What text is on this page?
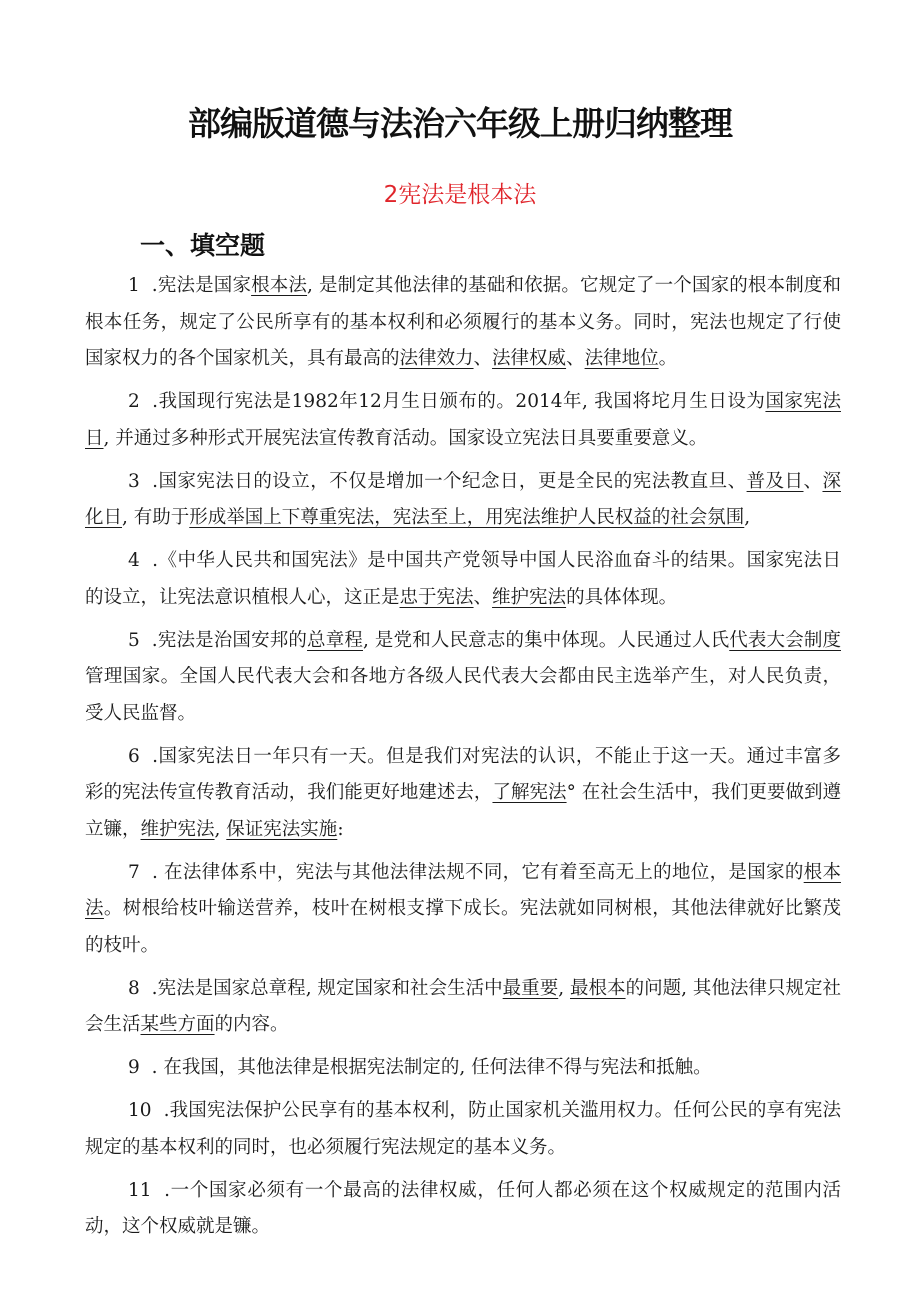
部编版道德与法治六年级上册归纳整理
2宪法是根本法
一、填空题

1 .宪法是国家根本法, 是制定其他法律的基础和依据。它规定了一个国家的根本制度和根本任务，规定了公民所享有的基本权利和必须履行的基本义务。同时，宪法也规定了行使国家权力的各个国家机关，具有最高的法律效力、法律权威、法律地位。

2 .我国现行宪法是1982年12月生日颁布的。2014年, 我国将坨月生日设为国家宪法日, 并通过多种形式开展宪法宣传教育活动。国家设立宪法日具要重要意义。

3 .国家宪法日的设立，不仅是增加一个纪念日，更是全民的宪法教直旦、普及日、深化日, 有助于形成举国上下尊重宪法，宪法至上，用宪法维护人民权益的社会氛围,

4 .《中华人民共和国宪法》是中国共产党领导中国人民浴血奋斗的结果。国家宪法日的设立，让宪法意识植根人心，这正是忠于宪法、维护宪法的具体体现。

5 .宪法是治国安邦的总章程, 是党和人民意志的集中体现。人民通过人氏代表大会制度管理国家。全国人民代表大会和各地方各级人民代表大会都由民主选举产生，对人民负责，受人民监督。

6 .国家宪法日一年只有一天。但是我们对宪法的认识，不能止于这一天。通过丰富多彩的宪法传宣传教育活动，我们能更好地建述去，了解宪法° 在社会生活中，我们更要做到遵立镰，维护宪法, 保证宪法实施:

7 . 在法律体系中，宪法与其他法律法规不同，它有着至高无上的地位，是国家的根本法。树根给枝叶输送营养，枝叶在树根支撑下成长。宪法就如同树根，其他法律就好比繁茂的枝叶。

8 .宪法是国家总章程, 规定国家和社会生活中最重要, 最根本的问题, 其他法律只规定社会生活某些方面的内容。

9 . 在我国，其他法律是根据宪法制定的, 任何法律不得与宪法和抵触。

10 .我国宪法保护公民享有的基本权利，防止国家机关滥用权力。任何公民的享有宪法规定的基本权利的同时，也必须履行宪法规定的基本义务。

11 .一个国家必须有一个最高的法律权威，任何人都必须在这个权威规定的范围内活动，这个权威就是镰。
